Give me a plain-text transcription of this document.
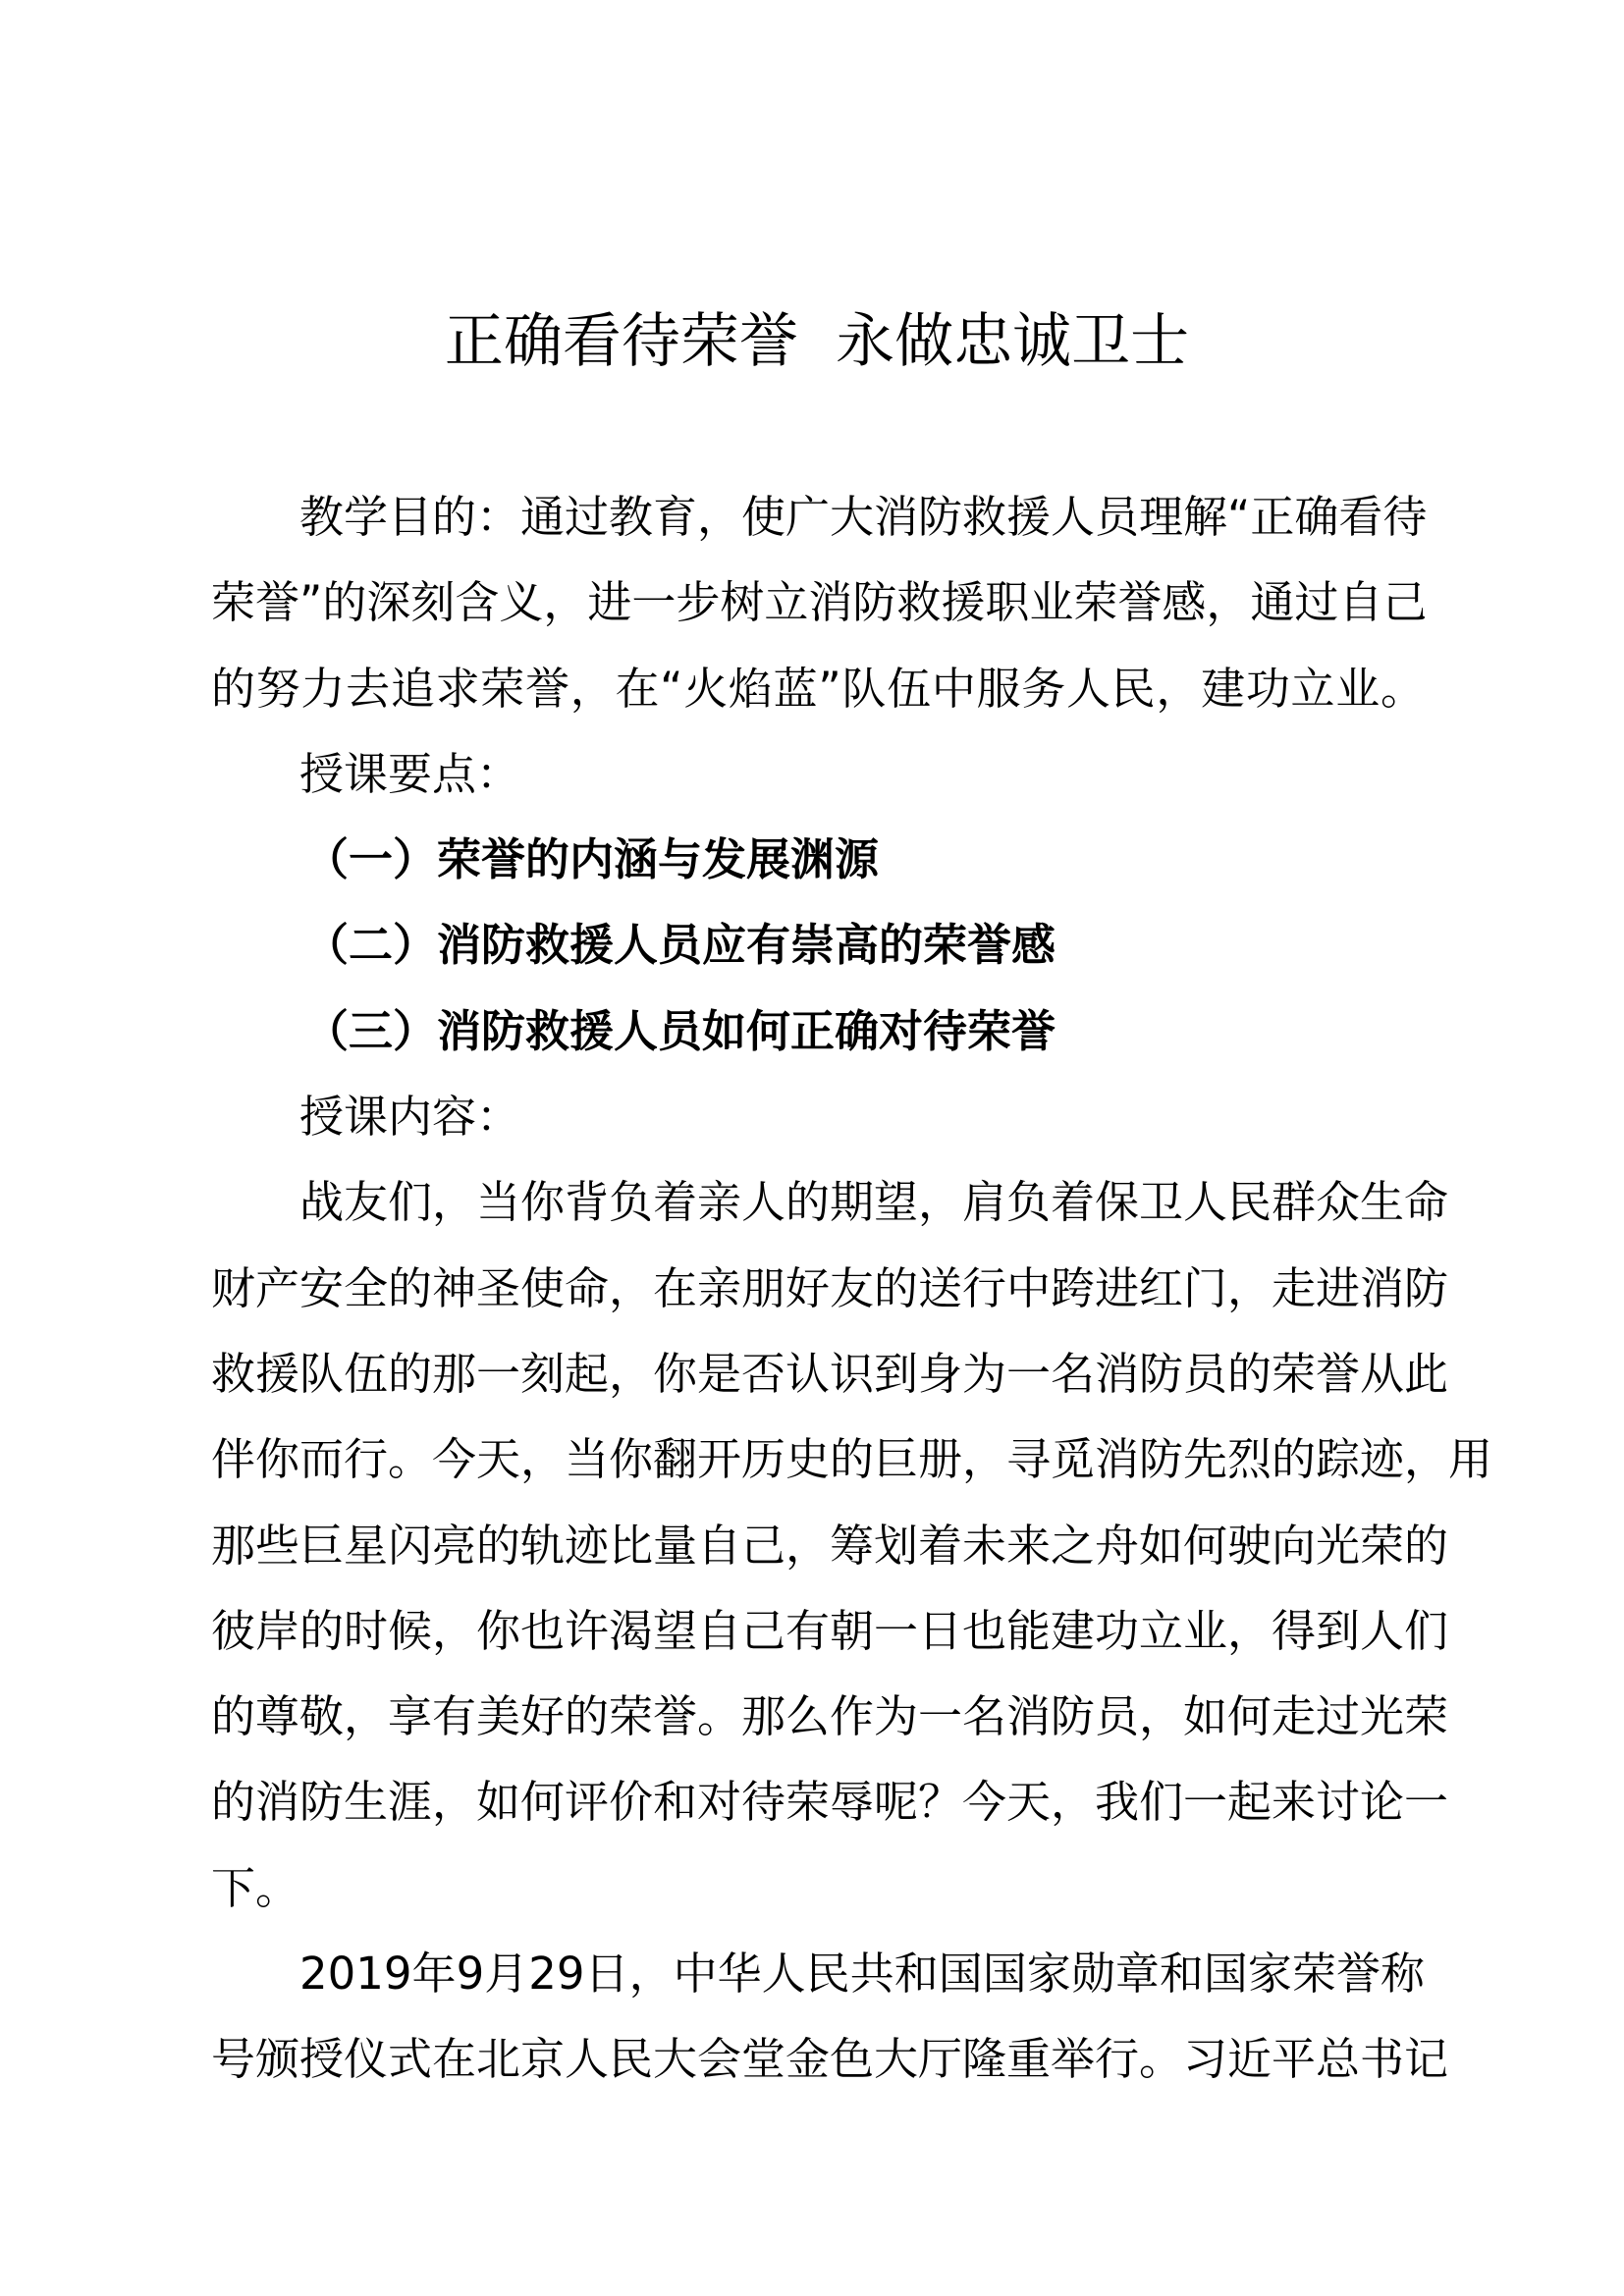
正确看待荣誉  永做忠诚卫士
教学目的：通过教育，使广大消防救援人员理解“正确看待
荣誉”的深刻含义，进一步树立消防救援职业荣誉感，通过自己
的努力去追求荣誉，在“火焰蓝”队伍中服务人民，建功立业。
授课要点：
（一）荣誉的内涵与发展渊源
（二）消防救援人员应有崇高的荣誉感
（三）消防救援人员如何正确对待荣誉
授课内容：
战友们，当你背负着亲人的期望，肩负着保卫人民群众生命
财产安全的神圣使命，在亲朋好友的送行中跨进红门，走进消防
救援队伍的那一刻起，你是否认识到身为一名消防员的荣誉从此
伴你而行。今天，当你翻开历史的巨册，寻觅消防先烈的踪迹，用
那些巨星闪亮的轨迹比量自己，筹划着未来之舟如何驶向光荣的
彼岸的时候，你也许渴望自己有朝一日也能建功立业，得到人们
的尊敬，享有美好的荣誉。那么作为一名消防员，如何走过光荣
的消防生涯，如何评价和对待荣辱呢？今天，我们一起来讨论一
下。
2019年9月29日，中华人民共和国国家勋章和国家荣誉称
号颁授仪式在北京人民大会堂金色大厅隆重举行。习近平总书记
